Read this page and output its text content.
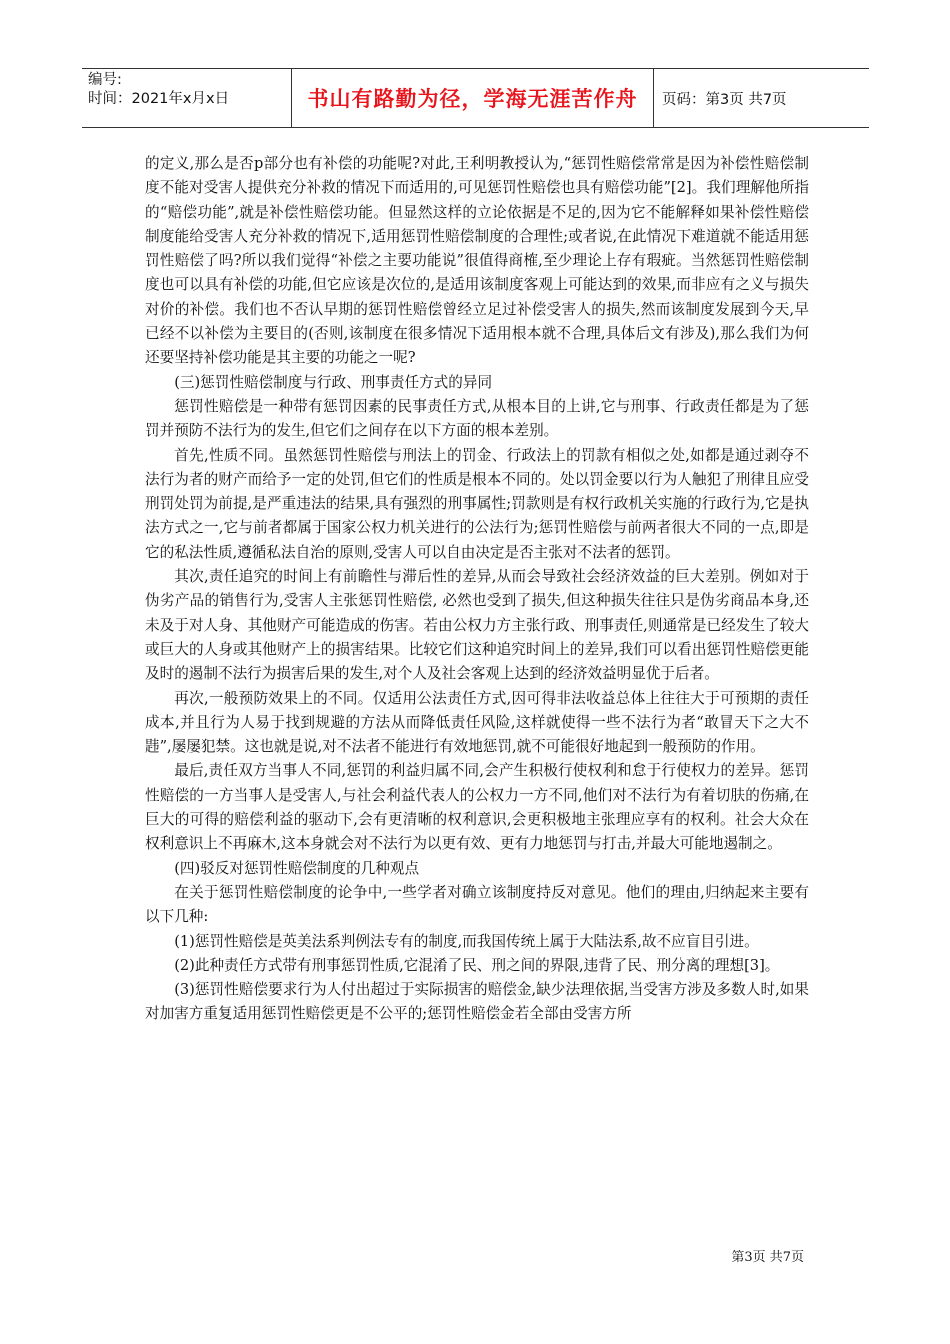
编号:
时间：2021年x月x日	书山有路勤为径，学海无涯苦作舟	页码：第3页 共7页

的定义,那么是否p部分也有补偿的功能呢?对此,王利明教授认为,“惩罚性赔偿常常是因为补偿性赔偿制度不能对受害人提供充分补救的情况下而适用的,可见惩罚性赔偿也具有赔偿功能”[2]。我们理解他所指的“赔偿功能”,就是补偿性赔偿功能。但显然这样的立论依据是不足的,因为它不能解释如果补偿性赔偿制度能给受害人充分补救的情况下,适用惩罚性赔偿制度的合理性;或者说,在此情况下难道就不能适用惩罚性赔偿了吗?所以我们觉得“补偿之主要功能说”很值得商榷,至少理论上存有瑕疵。当然惩罚性赔偿制度也可以具有补偿的功能,但它应该是次位的,是适用该制度客观上可能达到的效果,而非应有之义与损失对价的补偿。我们也不否认早期的惩罚性赔偿曾经立足过补偿受害人的损失,然而该制度发展到今天,早已经不以补偿为主要目的(否则,该制度在很多情况下适用根本就不合理,具体后文有涉及),那么我们为何还要坚持补偿功能是其主要的功能之一呢?

(三)惩罚性赔偿制度与行政、刑事责任方式的异同

惩罚性赔偿是一种带有惩罚因素的民事责任方式,从根本目的上讲,它与刑事、行政责任都是为了惩罚并预防不法行为的发生,但它们之间存在以下方面的根本差别。

首先,性质不同。虽然惩罚性赔偿与刑法上的罚金、行政法上的罚款有相似之处,如都是通过剥夺不法行为者的财产而给予一定的处罚,但它们的性质是根本不同的。处以罚金要以行为人触犯了刑律且应受刑罚处罚为前提,是严重违法的结果,具有强烈的刑事属性;罚款则是有权行政机关实施的行政行为,它是执法方式之一,它与前者都属于国家公权力机关进行的公法行为;惩罚性赔偿与前两者很大不同的一点,即是它的私法性质,遵循私法自治的原则,受害人可以自由决定是否主张对不法者的惩罚。

其次,责任追究的时间上有前瞻性与滞后性的差异,从而会导致社会经济效益的巨大差别。例如对于伪劣产品的销售行为,受害人主张惩罚性赔偿, 必然也受到了损失,但这种损失往往只是伪劣商品本身,还未及于对人身、其他财产可能造成的伤害。若由公权力方主张行政、刑事责任,则通常是已经发生了较大或巨大的人身或其他财产上的损害结果。比较它们这种追究时间上的差异,我们可以看出惩罚性赔偿更能及时的遏制不法行为损害后果的发生,对个人及社会客观上达到的经济效益明显优于后者。

再次,一般预防效果上的不同。仅适用公法责任方式,因可得非法收益总体上往往大于可预期的责任成本,并且行为人易于找到规避的方法从而降低责任风险,这样就使得一些不法行为者“敢冒天下之大不韪”,屡屡犯禁。这也就是说,对不法者不能进行有效地惩罚,就不可能很好地起到一般预防的作用。

最后,责任双方当事人不同,惩罚的利益归属不同,会产生积极行使权利和怠于行使权力的差异。惩罚性赔偿的一方当事人是受害人,与社会利益代表人的公权力一方不同,他们对不法行为有着切肤的伤痛,在巨大的可得的赔偿利益的驱动下,会有更清晰的权利意识,会更积极地主张理应享有的权利。社会大众在权利意识上不再麻木,这本身就会对不法行为以更有效、更有力地惩罚与打击,并最大可能地遏制之。

(四)驳反对惩罚性赔偿制度的几种观点

在关于惩罚性赔偿制度的论争中,一些学者对确立该制度持反对意见。他们的理由,归纳起来主要有以下几种:

(1)惩罚性赔偿是英美法系判例法专有的制度,而我国传统上属于大陆法系,故不应盲目引进。

(2)此种责任方式带有刑事惩罚性质,它混淆了民、刑之间的界限,违背了民、刑分离的理想[3]。

(3)惩罚性赔偿要求行为人付出超过于实际损害的赔偿金,缺少法理依据,当受害方涉及多数人时,如果对加害方重复适用惩罚性赔偿更是不公平的;惩罚性赔偿金若全部由受害方所

第3页 共7页
